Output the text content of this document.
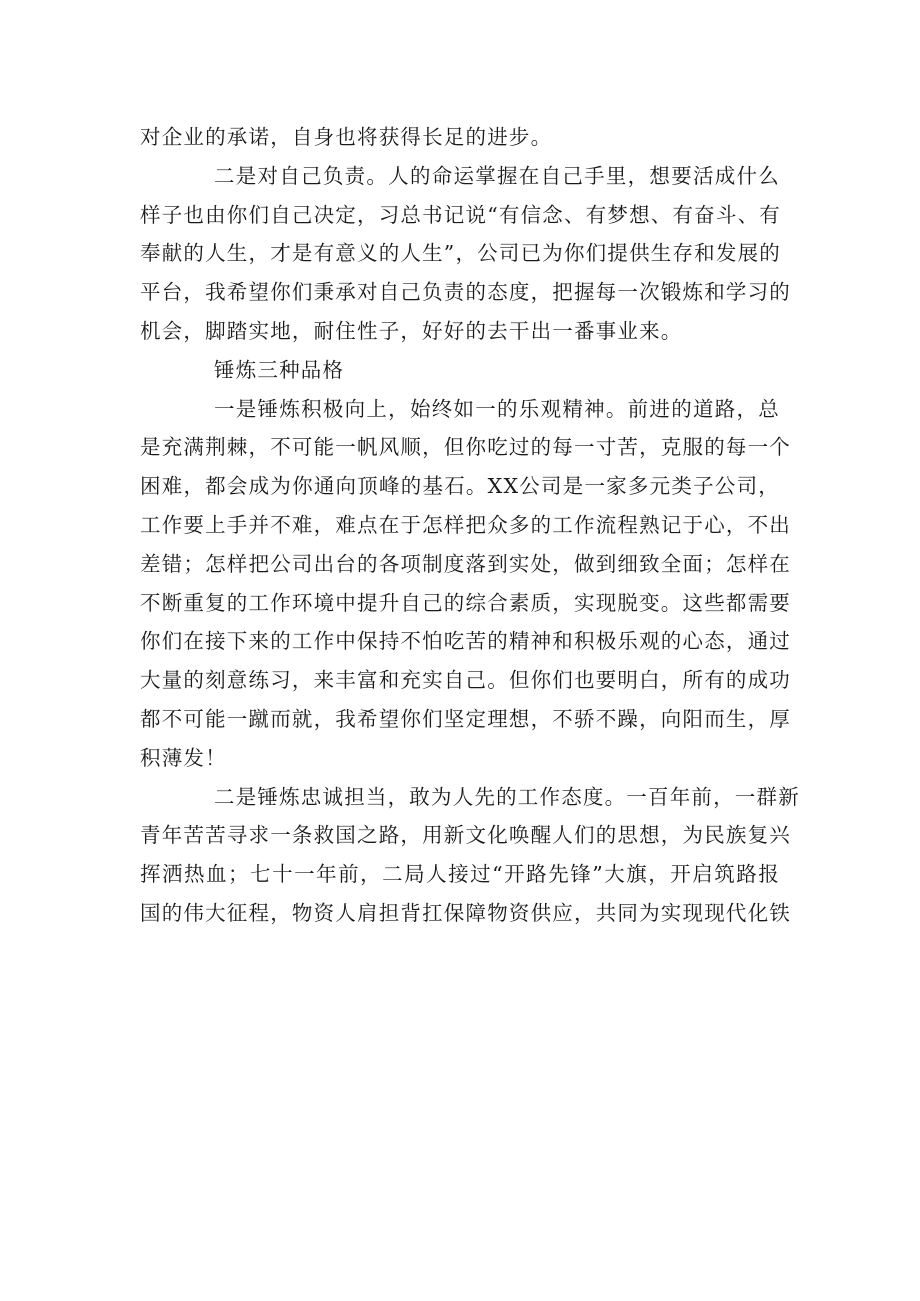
对企业的承诺，自身也将获得长足的进步。
二是对自己负责。人的命运掌握在自己手里，想要活成什么
样子也由你们自己决定，习总书记说“有信念、有梦想、有奋斗、有
奉献的人生，才是有意义的人生”，公司已为你们提供生存和发展的
平台，我希望你们秉承对自己负责的态度，把握每一次锻炼和学习的
机会，脚踏实地，耐住性子，好好的去干出一番事业来。
锤炼三种品格
一是锤炼积极向上，始终如一的乐观精神。前进的道路，总
是充满荆棘，不可能一帆风顺，但你吃过的每一寸苦，克服的每一个
困难，都会成为你通向顶峰的基石。XX公司是一家多元类子公司，
工作要上手并不难，难点在于怎样把众多的工作流程熟记于心，不出
差错；怎样把公司出台的各项制度落到实处，做到细致全面；怎样在
不断重复的工作环境中提升自己的综合素质，实现脱变。这些都需要
你们在接下来的工作中保持不怕吃苦的精神和积极乐观的心态，通过
大量的刻意练习，来丰富和充实自己。但你们也要明白，所有的成功
都不可能一蹴而就，我希望你们坚定理想，不骄不躁，向阳而生，厚
积薄发！
二是锤炼忠诚担当，敢为人先的工作态度。一百年前，一群新
青年苦苦寻求一条救国之路，用新文化唤醒人们的思想，为民族复兴
挥洒热血；七十一年前，二局人接过“开路先锋”大旗，开启筑路报
国的伟大征程，物资人肩担背扛保障物资供应，共同为实现现代化铁
